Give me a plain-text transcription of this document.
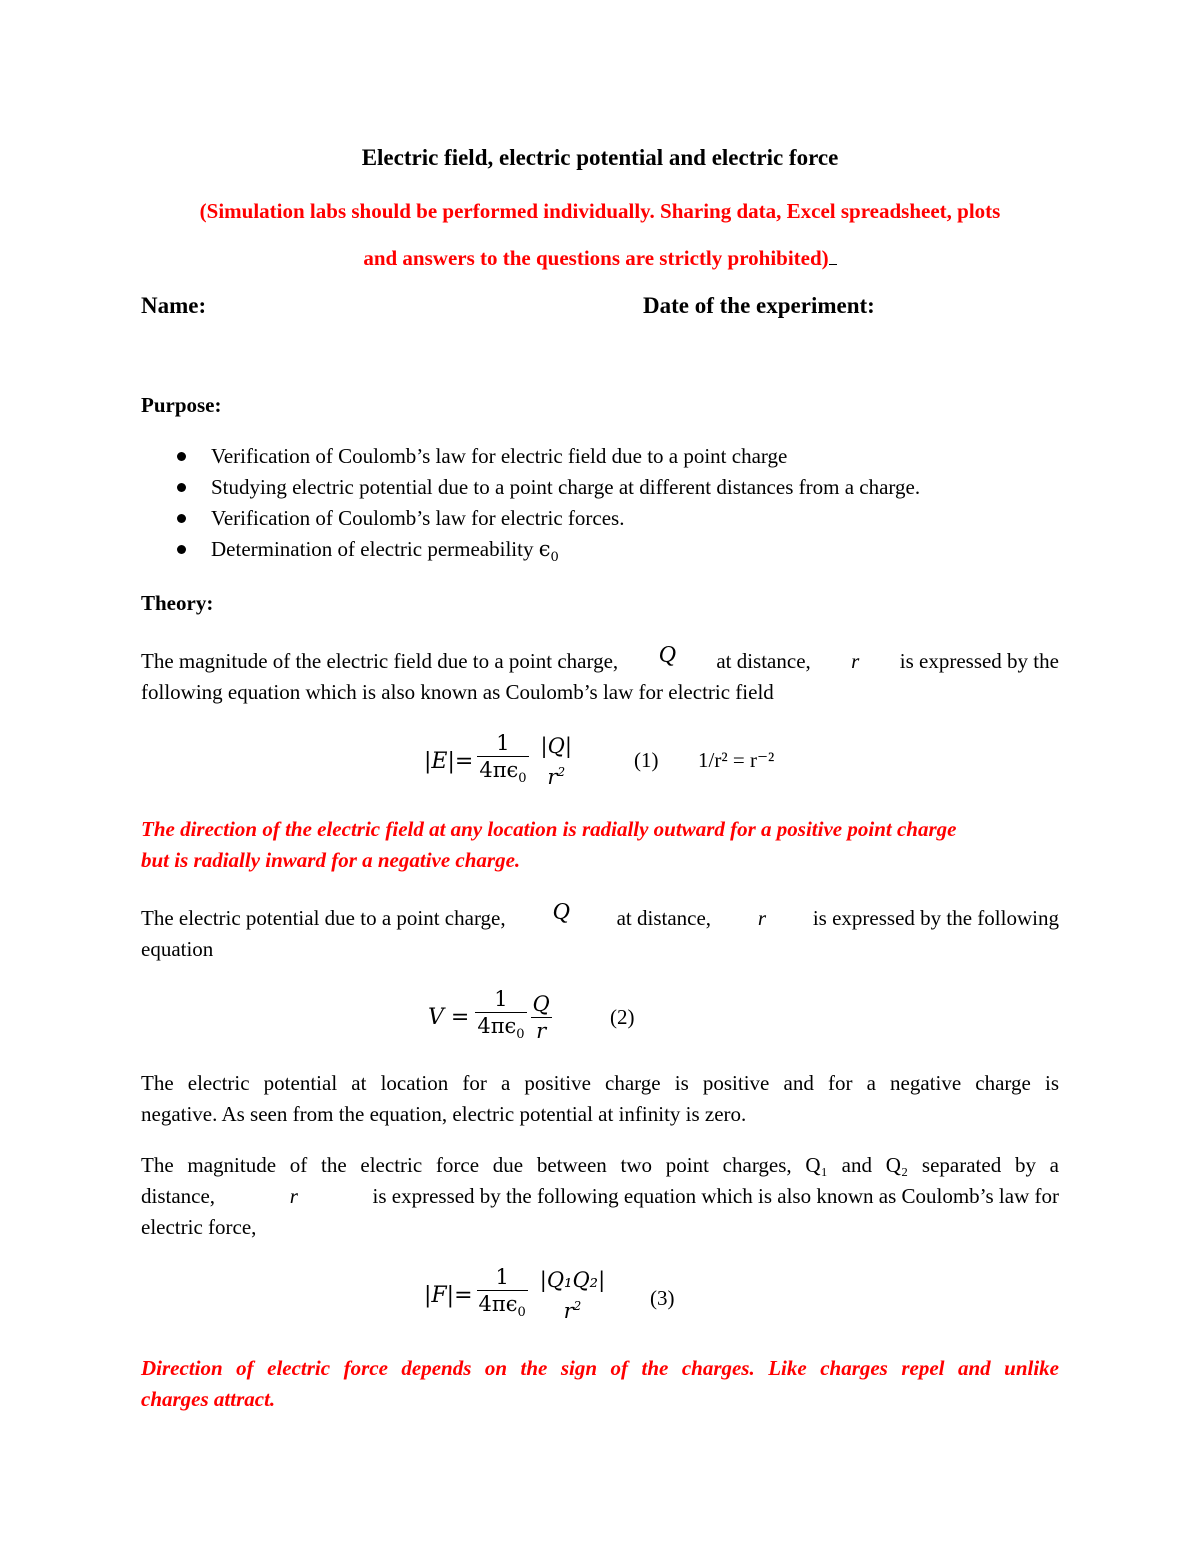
Electric field, electric potential and electric force
(Simulation labs should be performed individually. Sharing data, Excel spreadsheet, plots
and answers to the questions are strictly prohibited)
Name:	Date of the experiment:
Purpose:
Verification of Coulomb’s law for electric field due to a point charge
Studying electric potential due to a point charge at different distances from a charge.
Verification of Coulomb’s law for electric forces.
Determination of electric permeability $\epsilon_0$
Theory:
The magnitude of the electric field due to a point charge, Q at distance, r is expressed by the
following equation which is also known as Coulomb’s law for electric field
$|E|= \frac{1}{4\pi\epsilon_0} |Q|$
$r^2$	(1) 1/r² = r⁻²
The direction of the electric field at any location is radially outward for a positive point charge
but is radially inward for a negative charge.
The electric potential due to a point charge, Q at distance, r is expressed by the following
equation
$V = \frac{1}{4\pi\epsilon_0} \frac{Q}{r}$	(2)
The electric potential at location for a positive charge is positive and for a negative charge is
negative. As seen from the equation, electric potential at infinity is zero.
The magnitude of the electric force due between two point charges, Q₁ and Q₂ separated by a
distance,	r	is expressed by the following equation which is also known as Coulomb’s law for
electric force,
$|F|= \frac{1}{4\pi\epsilon_0} |Q_1Q_2|$
$r^2$	(3)
Direction of electric force depends on the sign of the charges. Like charges repel and unlike
charges attract.
